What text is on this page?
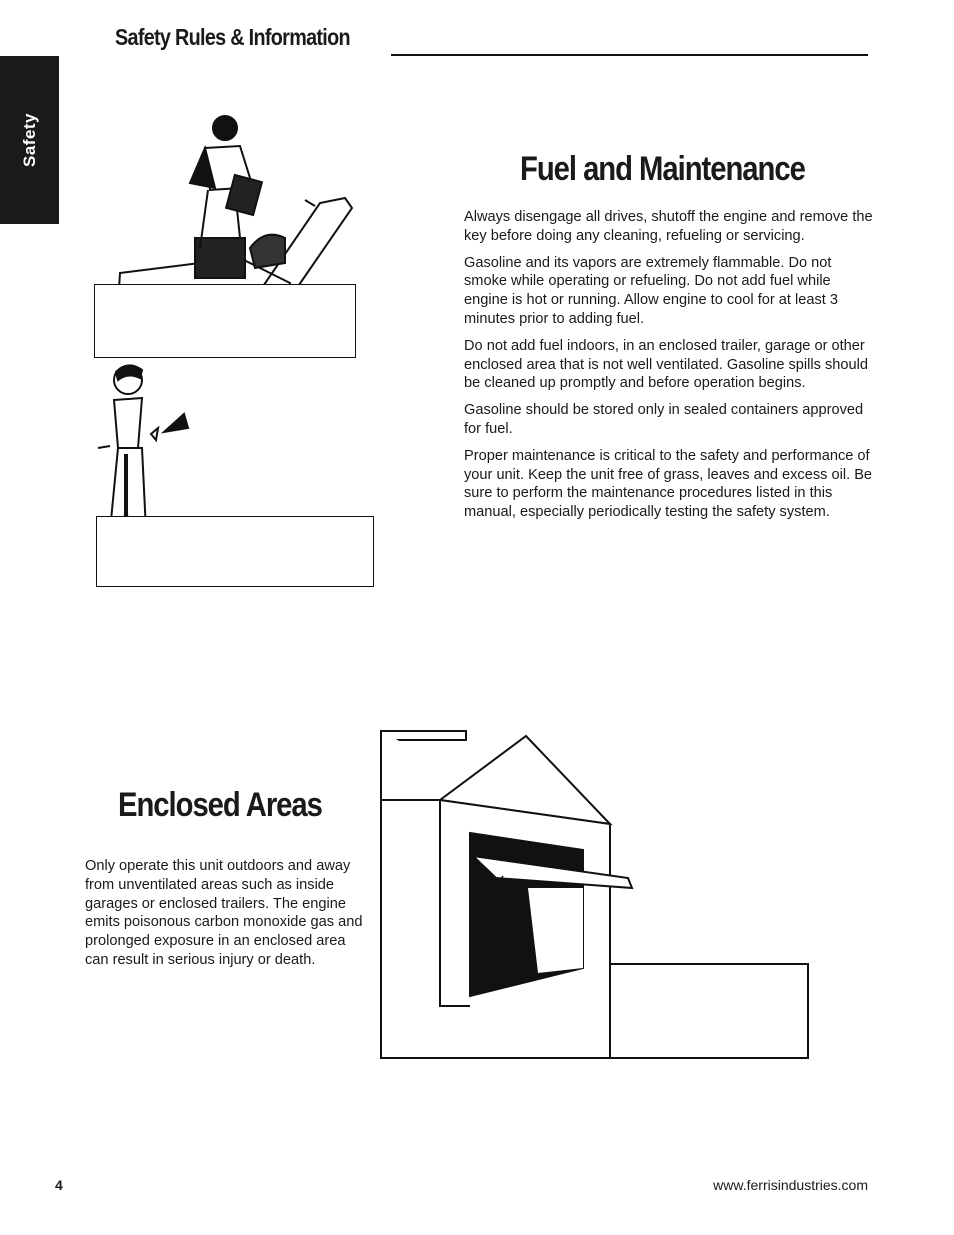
Safety Rules & Information
Safety
Fuel and Maintenance

Always disengage all drives, shutoff the engine and remove the key before doing any cleaning, refueling or servicing.

Gasoline and its vapors are extremely flammable. Do not smoke while operating or refueling. Do not add fuel while engine is hot or running. Allow engine to cool for at least 3 minutes prior to adding fuel.

Do not add fuel indoors, in an enclosed trailer, garage or other enclosed area that is not well ventilated. Gasoline spills should be cleaned up promptly and before operation begins.

Gasoline should be stored only in sealed containers approved for fuel.

Proper maintenance is critical to the safety and performance of your unit. Keep the unit free of grass, leaves and excess oil. Be sure to perform the maintenance procedures listed in this manual, especially periodically testing the safety system.

Enclosed Areas

Only operate this unit outdoors and away from unventilated areas such as inside garages or enclosed trailers. The engine emits poisonous carbon monoxide gas and prolonged exposure in an enclosed area can result in serious injury or death.

4	www.ferrisindustries.com
